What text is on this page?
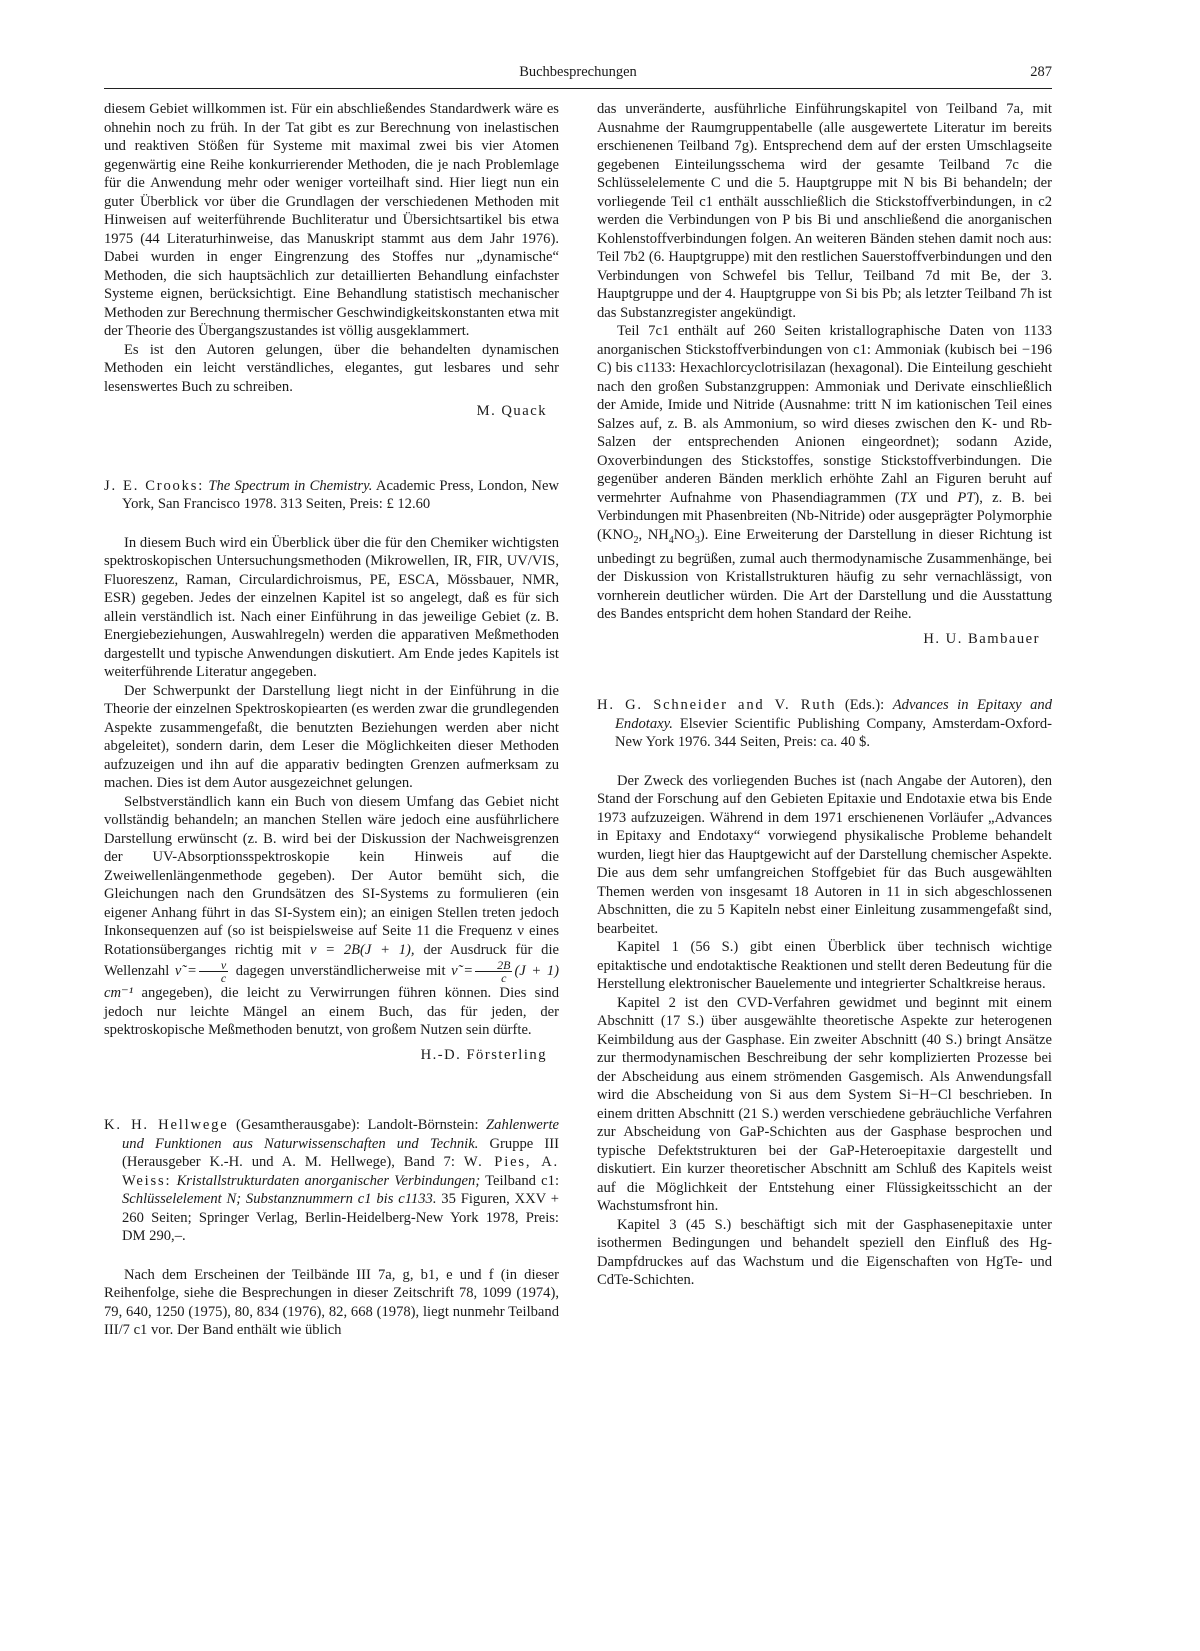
Buchbesprechungen	287

diesem Gebiet willkommen ist. Für ein abschließendes Standardwerk wäre es ohnehin noch zu früh. In der Tat gibt es zur Berechnung von inelastischen und reaktiven Stößen für Systeme mit maximal zwei bis vier Atomen gegenwärtig eine Reihe konkurrierender Methoden, die je nach Problemlage für die Anwendung mehr oder weniger vorteilhaft sind. Hier liegt nun ein guter Überblick vor über die Grundlagen der verschiedenen Methoden mit Hinweisen auf weiterführende Buchliteratur und Übersichtsartikel bis etwa 1975 (44 Literaturhinweise, das Manuskript stammt aus dem Jahr 1976). Dabei wurden in enger Eingrenzung des Stoffes nur „dynamische“ Methoden, die sich hauptsächlich zur detaillierten Behandlung einfachster Systeme eignen, berücksichtigt. Eine Behandlung statistisch mechanischer Methoden zur Berechnung thermischer Geschwindigkeitskonstanten etwa mit der Theorie des Übergangszustandes ist völlig ausgeklammert.

Es ist den Autoren gelungen, über die behandelten dynamischen Methoden ein leicht verständliches, elegantes, gut lesbares und sehr lesenswertes Buch zu schreiben.

M. Quack

J. E. Crooks: The Spectrum in Chemistry. Academic Press, London, New York, San Francisco 1978. 313 Seiten, Preis: £ 12.60

In diesem Buch wird ein Überblick über die für den Chemiker wichtigsten spektroskopischen Untersuchungsmethoden (Mikrowellen, IR, FIR, UV/VIS, Fluoreszenz, Raman, Circulardichroismus, PE, ESCA, Mössbauer, NMR, ESR) gegeben. Jedes der einzelnen Kapitel ist so angelegt, daß es für sich allein verständlich ist. Nach einer Einführung in das jeweilige Gebiet (z. B. Energiebeziehungen, Auswahlregeln) werden die apparativen Meßmethoden dargestellt und typische Anwendungen diskutiert. Am Ende jedes Kapitels ist weiterführende Literatur angegeben.

Der Schwerpunkt der Darstellung liegt nicht in der Einführung in die Theorie der einzelnen Spektroskopiearten (es werden zwar die grundlegenden Aspekte zusammengefaßt, die benutzten Beziehungen werden aber nicht abgeleitet), sondern darin, dem Leser die Möglichkeiten dieser Methoden aufzuzeigen und ihn auf die apparativ bedingten Grenzen aufmerksam zu machen. Dies ist dem Autor ausgezeichnet gelungen.

Selbstverständlich kann ein Buch von diesem Umfang das Gebiet nicht vollständig behandeln; an manchen Stellen wäre jedoch eine ausführlichere Darstellung erwünscht (z. B. wird bei der Diskussion der Nachweisgrenzen der UV-Absorptionsspektroskopie kein Hinweis auf die Zweiwellenlängenmethode gegeben). Der Autor bemüht sich, die Gleichungen nach den Grundsätzen des SI-Systems zu formulieren (ein eigener Anhang führt in das SI-System ein); an einigen Stellen treten jedoch Inkonsequenzen auf (so ist beispielsweise auf Seite 11 die Frequenz ν eines Rotationsüberganges richtig mit ν = 2B(J + 1), der Ausdruck für die Wellenzahl ν̃ = $\frac{\nu}{c}$ dagegen unverständlicherweise mit ν̃ = $\frac{2B}{c} (J + 1)$ cm⁻¹ angegeben), die leicht zu Verwirrungen führen können. Dies sind jedoch nur leichte Mängel an einem Buch, das für jeden, der spektroskopische Meßmethoden benutzt, von großem Nutzen sein dürfte.

H.-D. Försterling

K. H. Hellwege (Gesamtherausgabe): Landolt-Börnstein: Zahlenwerte und Funktionen aus Naturwissenschaften und Technik. Gruppe III (Herausgeber K.-H. und A. M. Hellwege), Band 7: W. Pies, A. Weiss: Kristallstrukturdaten anorganischer Verbindungen; Teilband c1: Schlüsselelement N; Substanznummern c1 bis c1133. 35 Figuren, XXV + 260 Seiten; Springer Verlag, Berlin-Heidelberg-New York 1978, Preis: DM 290,–.

Nach dem Erscheinen der Teilbände III 7a, g, b1, e und f (in dieser Reihenfolge, siehe die Besprechungen in dieser Zeitschrift 78, 1099 (1974), 79, 640, 1250 (1975), 80, 834 (1976), 82, 668 (1978), liegt nunmehr Teilband III/7 c1 vor. Der Band enthält wie üblich

das unveränderte, ausführliche Einführungskapitel von Teilband 7a, mit Ausnahme der Raumgruppentabelle (alle ausgewertete Literatur im bereits erschienenen Teilband 7g). Entsprechend dem auf der ersten Umschlagseite gegebenen Einteilungsschema wird der gesamte Teilband 7c die Schlüsselelemente C und die 5. Hauptgruppe mit N bis Bi behandeln; der vorliegende Teil c1 enthält ausschließlich die Stickstoffverbindungen, in c2 werden die Verbindungen von P bis Bi und anschließend die anorganischen Kohlenstoffverbindungen folgen. An weiteren Bänden stehen damit noch aus: Teil 7b2 (6. Hauptgruppe) mit den restlichen Sauerstoffverbindungen und den Verbindungen von Schwefel bis Tellur, Teilband 7d mit Be, der 3. Hauptgruppe und der 4. Hauptgruppe von Si bis Pb; als letzter Teilband 7h ist das Substanzregister angekündigt.

Teil 7c1 enthält auf 260 Seiten kristallographische Daten von 1133 anorganischen Stickstoffverbindungen von c1: Ammoniak (kubisch bei −196 C) bis c1133: Hexachlorcyclotrisilazan (hexagonal). Die Einteilung geschieht nach den großen Substanzgruppen: Ammoniak und Derivate einschließlich der Amide, Imide und Nitride (Ausnahme: tritt N im kationischen Teil eines Salzes auf, z. B. als Ammonium, so wird dieses zwischen den K- und Rb-Salzen der entsprechenden Anionen eingeordnet); sodann Azide, Oxoverbindungen des Stickstoffes, sonstige Stickstoffverbindungen. Die gegenüber anderen Bänden merklich erhöhte Zahl an Figuren beruht auf vermehrter Aufnahme von Phasendiagrammen (TX und PT), z. B. bei Verbindungen mit Phasenbreiten (Nb-Nitride) oder ausgeprägter Polymorphie ($KNO_2$, $NH_4NO_3$). Eine Erweiterung der Darstellung in dieser Richtung ist unbedingt zu begrüßen, zumal auch thermodynamische Zusammenhänge, bei der Diskussion von Kristallstrukturen häufig zu sehr vernachlässigt, von vornherein deutlicher würden. Die Art der Darstellung und die Ausstattung des Bandes entspricht dem hohen Standard der Reihe.

H. U. Bambauer

H. G. Schneider and V. Ruth (Eds.): Advances in Epitaxy and Endotaxy. Elsevier Scientific Publishing Company, Amsterdam-Oxford-New York 1976. 344 Seiten, Preis: ca. 40 $.

Der Zweck des vorliegenden Buches ist (nach Angabe der Autoren), den Stand der Forschung auf den Gebieten Epitaxie und Endotaxie etwa bis Ende 1973 aufzuzeigen. Während in dem 1971 erschienenen Vorläufer „Advances in Epitaxy and Endotaxy“ vorwiegend physikalische Probleme behandelt wurden, liegt hier das Hauptgewicht auf der Darstellung chemischer Aspekte. Die aus dem sehr umfangreichen Stoffgebiet für das Buch ausgewählten Themen werden von insgesamt 18 Autoren in 11 in sich abgeschlossenen Abschnitten, die zu 5 Kapiteln nebst einer Einleitung zusammengefaßt sind, bearbeitet.

Kapitel 1 (56 S.) gibt einen Überblick über technisch wichtige epitaktische und endotaktische Reaktionen und stellt deren Bedeutung für die Herstellung elektronischer Bauelemente und integrierter Schaltkreise heraus.

Kapitel 2 ist den CVD-Verfahren gewidmet und beginnt mit einem Abschnitt (17 S.) über ausgewählte theoretische Aspekte zur heterogenen Keimbildung aus der Gasphase. Ein zweiter Abschnitt (40 S.) bringt Ansätze zur thermodynamischen Beschreibung der sehr komplizierten Prozesse bei der Abscheidung aus einem strömenden Gasgemisch. Als Anwendungsfall wird die Abscheidung von Si aus dem System Si−H−Cl beschrieben. In einem dritten Abschnitt (21 S.) werden verschiedene gebräuchliche Verfahren zur Abscheidung von GaP-Schichten aus der Gasphase besprochen und typische Defektstrukturen bei der GaP-Heteroepitaxie dargestellt und diskutiert. Ein kurzer theoretischer Abschnitt am Schluß des Kapitels weist auf die Möglichkeit der Entstehung einer Flüssigkeitsschicht an der Wachstumsfront hin.

Kapitel 3 (45 S.) beschäftigt sich mit der Gasphasenepitaxie unter isothermen Bedingungen und behandelt speziell den Einfluß des Hg-Dampfdruckes auf das Wachstum und die Eigenschaften von HgTe- und CdTe-Schichten.
